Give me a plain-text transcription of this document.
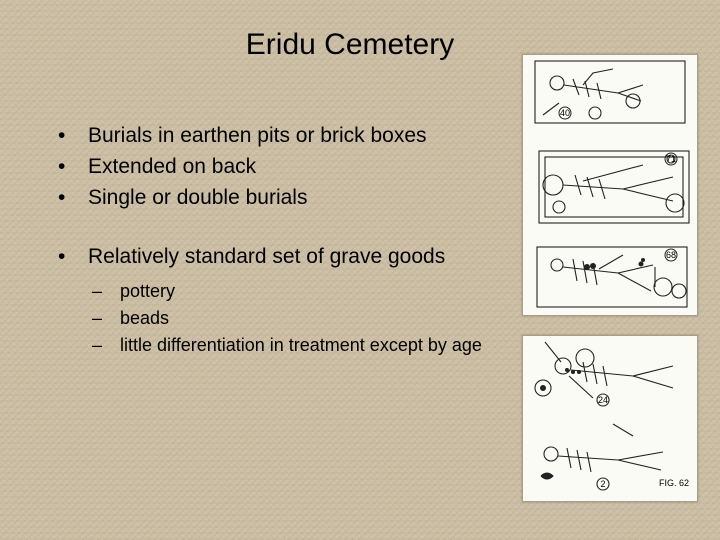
Eridu Cemetery
• Burials in earthen pits or brick boxes
• Extended on back
• Single or double burials
• Relatively standard set of grave goods
– pottery
– beads
– little differentiation in treatment except by age
40
71
68
24
2	FIG. 62
